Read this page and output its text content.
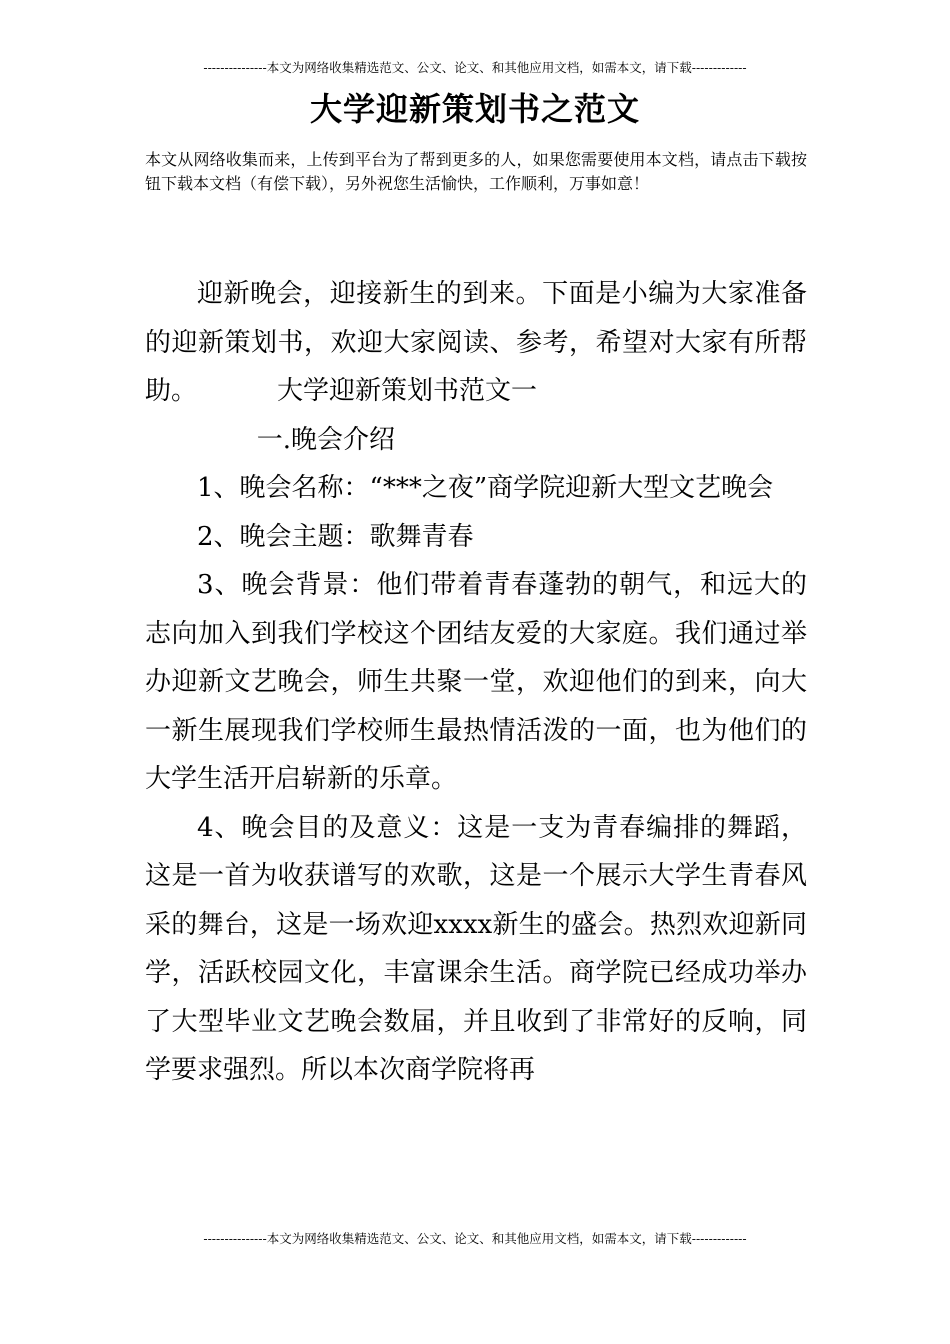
---------------本文为网络收集精选范文、公文、论文、和其他应用文档，如需本文，请下载-------------
大学迎新策划书之范文

本文从网络收集而来，上传到平台为了帮到更多的人，如果您需要使用本文档，请点击下载按钮下载本文档（有偿下载），另外祝您生活愉快，工作顺利，万事如意！

迎新晚会，迎接新生的到来。下面是小编为大家准备的迎新策划书，欢迎大家阅读、参考，希望对大家有所帮助。	大学迎新策划书范文一

一.晚会介绍

1、晚会名称：“***之夜”商学院迎新大型文艺晚会

2、晚会主题：歌舞青春

3、晚会背景：他们带着青春蓬勃的朝气，和远大的志向加入到我们学校这个团结友爱的大家庭。我们通过举办迎新文艺晚会，师生共聚一堂，欢迎他们的到来，向大一新生展现我们学校师生最热情活泼的一面，也为他们的大学生活开启崭新的乐章。

4、晚会目的及意义：这是一支为青春编排的舞蹈，这是一首为收获谱写的欢歌，这是一个展示大学生青春风采的舞台，这是一场欢迎xxxx新生的盛会。热烈欢迎新同学，活跃校园文化，丰富课余生活。商学院已经成功举办了大型毕业文艺晚会数届，并且收到了非常好的反响，同学要求强烈。所以本次商学院将再

---------------本文为网络收集精选范文、公文、论文、和其他应用文档，如需本文，请下载-------------
